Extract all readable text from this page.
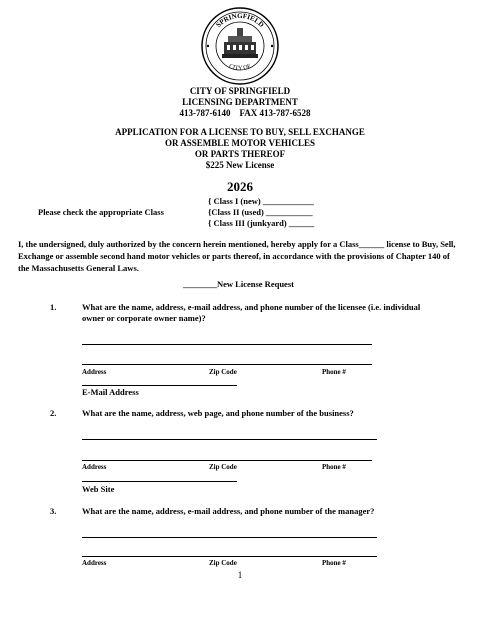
SPRINGFIELD
CITY OF
CITY OF SPRINGFIELD
LICENSING DEPARTMENT
413-787-6140    FAX 413-787-6528
APPLICATION FOR A LICENSE TO BUY, SELL EXCHANGE
OR ASSEMBLE MOTOR VEHICLES
OR PARTS THEREOF
$225 New License
2026
Please check the appropriate Class
{ Class I (new) ____________
{Class II (used) ___________
{ Class III (junkyard) ______
I, the undersigned, duly authorized by the concern herein mentioned, hereby apply for a Class______ license to Buy, Sell, Exchange or assemble second hand motor vehicles or parts thereof, in accordance with the provisions of Chapter 140 of the Massachusetts General Laws.
________New License Request
1.	What are the name, address, e-mail address, and phone number of the licensee (i.e. individual owner or corporate owner name)?
Address	Zip Code	Phone #
E-Mail Address
2.	What are the name, address, web page, and phone number of the business?
Address	Zip Code	Phone #
Web Site
3.	What are the name, address, e-mail address, and phone number of the manager?
Address	Zip Code	Phone #
1
